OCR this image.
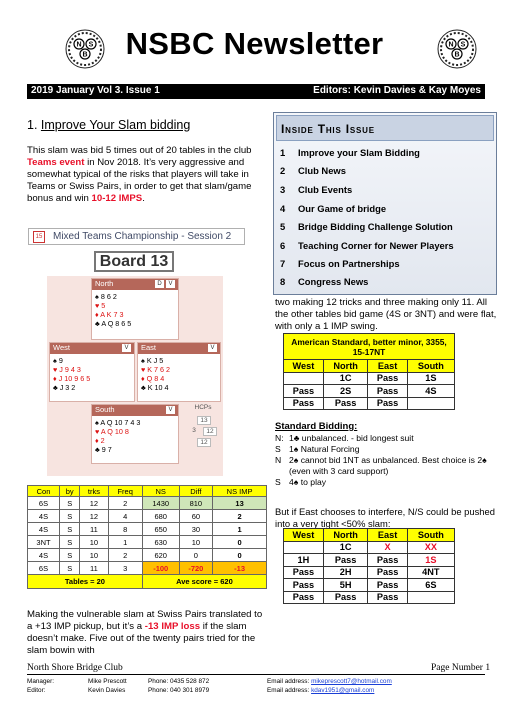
N S
B
N S
B
NSBC Newsletter
2019 January Vol 3. Issue 1	Editors: Kevin Davies & Kay Moyes
1. Improve Your Slam bidding
This slam was bid 5 times out of 20 tables in the club Teams event in Nov 2018. It’s very aggressive and somewhat typical of the risks that players will take in Teams or Swiss Pairs, in order to get that slam/game bonus and win 10-12 IMPS.
15 Mixed Teams Championship - Session 2
Board 13
North	D	V
♠ 8 6 2
♥ 5
♦ A K 7 3
♣ A Q 8 6 5
West	V
♠ 9
♥ J 9 4 3
♦ J 10 9 6 5
♣ J 3 2
East	V
♠ K J 5
♥ K 7 6 2
♦ Q 8 4
♣ K 10 4
South	V
♠ A Q 10 7 4 3
♥ A Q 10 8
♦ 2
♣ 9 7
HCPs
13
3	12
12
Con	by	trks	Freq	NS	Diff	NS IMP
6S	S	12	2	1430	810	13
4S	S	12	4	680	60	2
4S	S	11	8	650	30	1
3NT	S	10	1	630	10	0
4S	S	10	2	620	0	0
6S	S	11	3	-100	-720	-13
Tables = 20				Ave score = 620		
Making the vulnerable slam at Swiss Pairs translated to a +13 IMP pickup, but it’s a -13 IMP loss if the slam doesn’t make. Five out of the twenty pairs tried for the slam bowin with
Inside This Issue
1 Improve your Slam Bidding
2 Club News
3 Club Events
4 Our Game of bridge
5 Bridge Bidding Challenge Solution
6 Teaching Corner for Newer Players
7 Focus on Partnerships
8 Congress News
two making 12 tricks and three making only 11. All the other tables bid game (4S or 3NT) and were flat, with only a 1 IMP swing.
American Standard, better minor, 3355, 15-17NT			
West	North	East	South
	1C	Pass	1S
Pass	2S	Pass	4S
Pass	Pass	Pass	
Standard Bidding:
N: 1♣ unbalanced. - bid longest suit
S 1♠ Natural Forcing
N 2♠ cannot bid 1NT as unbalanced. Best choice is 2♠ (even with 3 card support)
S 4♠ to play
But if East chooses to interfere, N/S could be pushed into a very tight <50% slam:
West	North	East	South
	1C	X	XX
1H	Pass	Pass	1S
Pass	2H	Pass	4NT
Pass	5H	Pass	6S
Pass	Pass	Pass	
North Shore Bridge Club	Page Number 1
Manager:	Mike Prescott	Phone: 0435 528 872	Email address: mikeprescott7@hotmail.com
Editor:	Kevin Davies	Phone: 040 301 8979	Email address: kdav1951@gmail.com
